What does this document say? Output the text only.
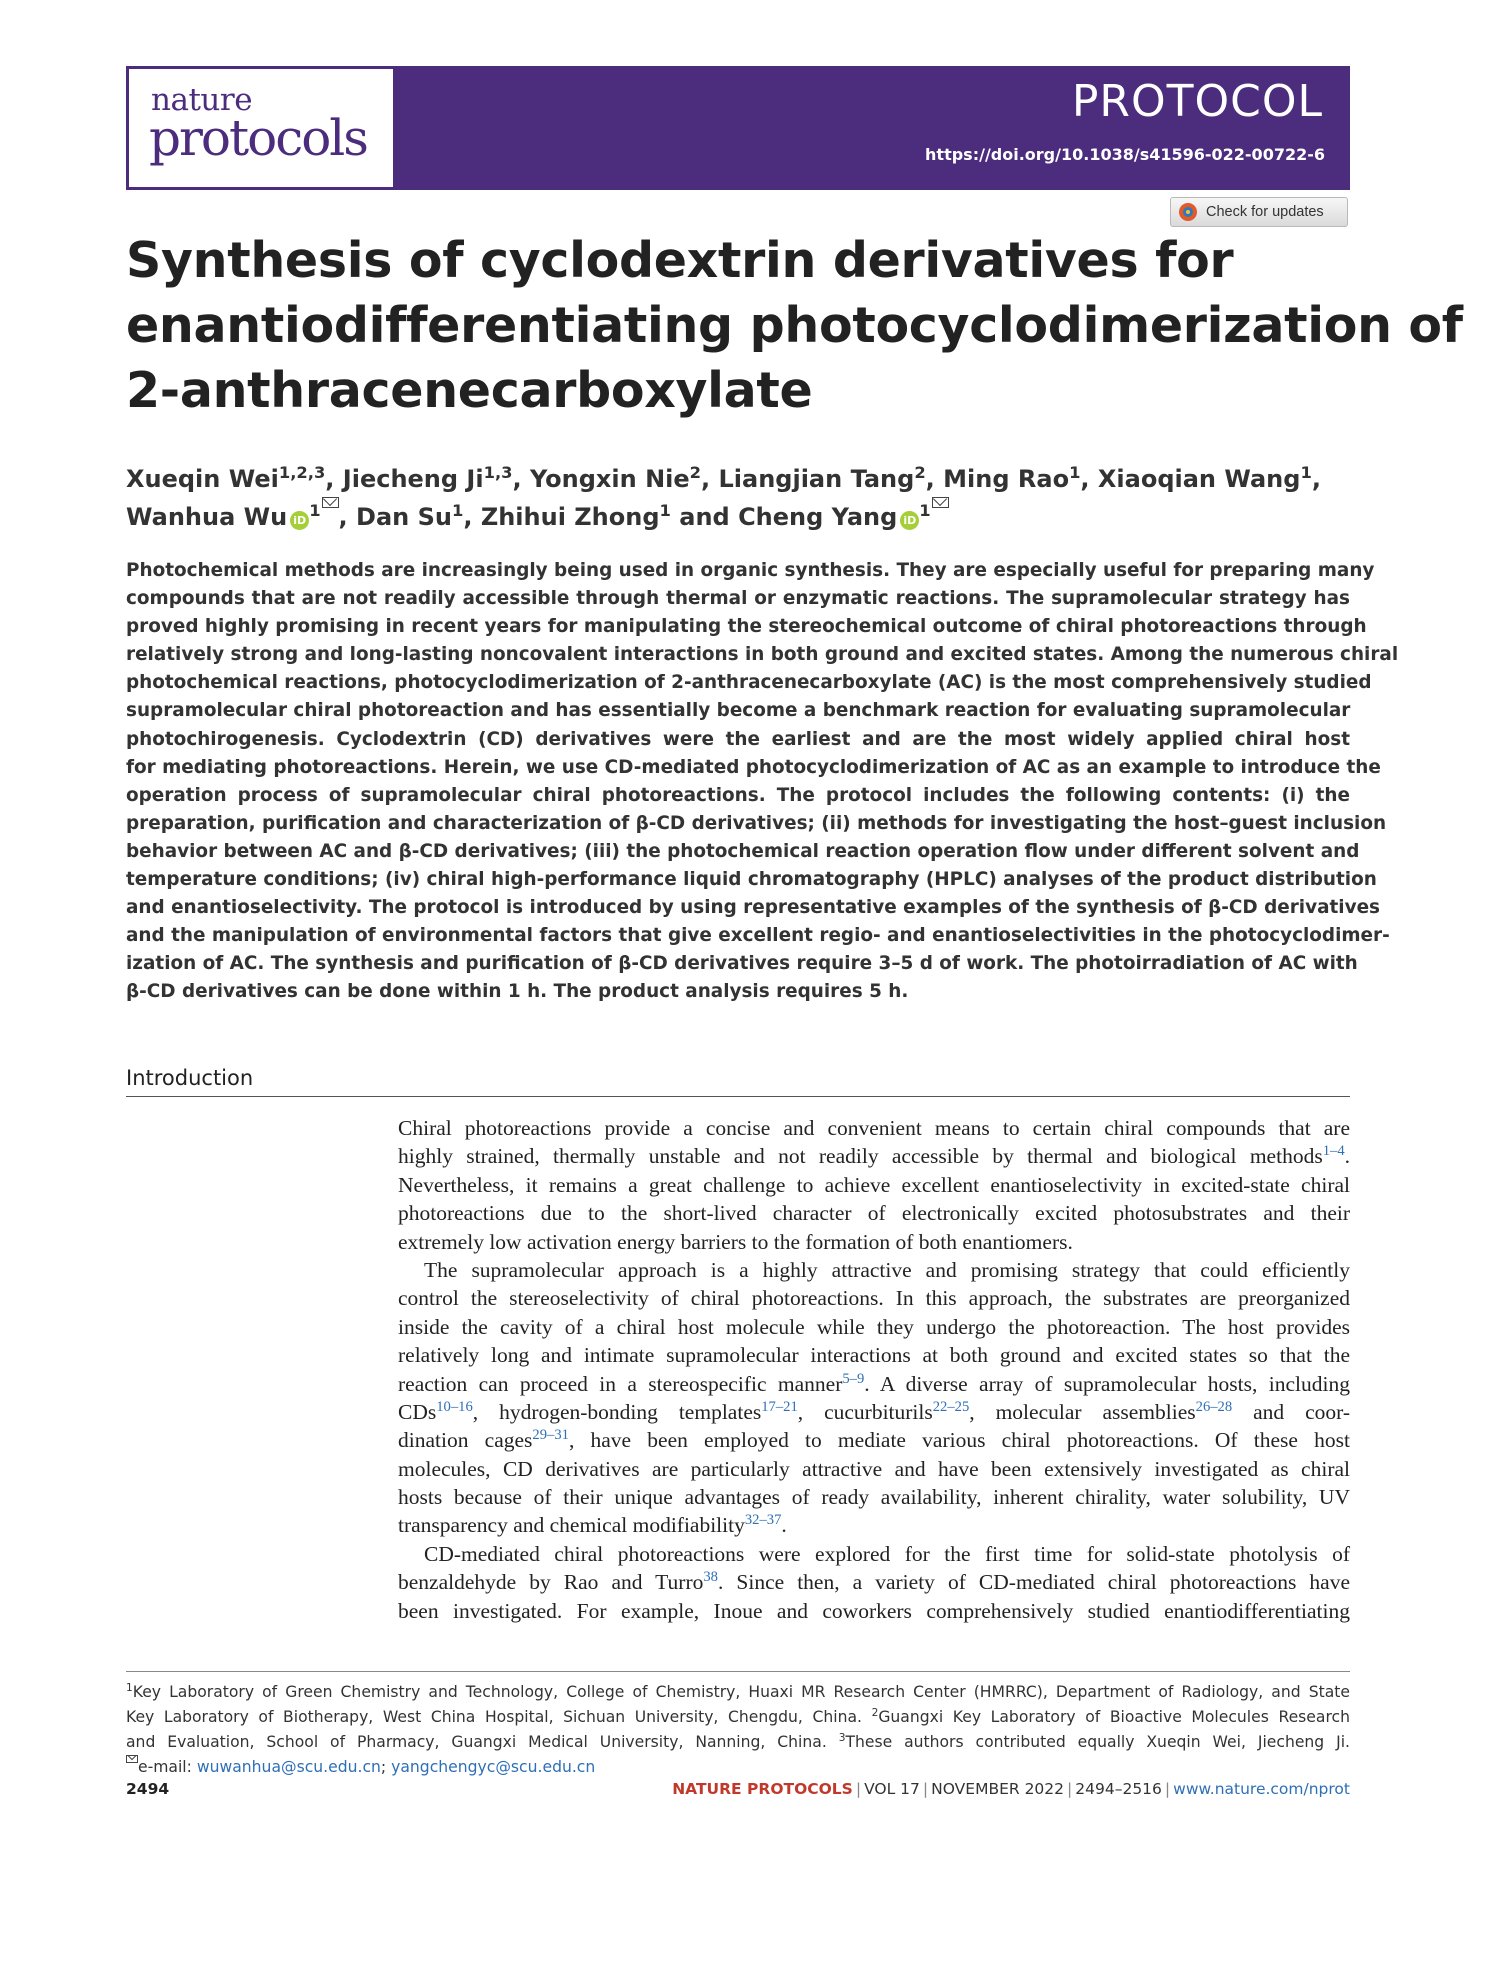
nature
protocols
PROTOCOL
https://doi.org/10.1038/s41596-022-00722-6
Check for updates
Synthesis of cyclodextrin derivatives for
enantiodifferentiating photocyclodimerization of
2-anthracenecarboxylate
Xueqin Wei$^{1,2,3}$, Jiecheng Ji$^{1,3}$, Yongxin Nie$^2$, Liangjian Tang$^2$, Ming Rao$^1$, Xiaoqian Wang$^1$,
Wanhua Wu $iD^1$ , Dan Su$^1$, Zhihui Zhong$^1$ and Cheng Yang $iD^1$
Photochemical methods are increasingly being used in organic synthesis. They are especially useful for preparing many
compounds that are not readily accessible through thermal or enzymatic reactions. The supramolecular strategy has
proved highly promising in recent years for manipulating the stereochemical outcome of chiral photoreactions through
relatively strong and long-lasting noncovalent interactions in both ground and excited states. Among the numerous chiral
photochemical reactions, photocyclodimerization of 2-anthracenecarboxylate (AC) is the most comprehensively studied
supramolecular chiral photoreaction and has essentially become a benchmark reaction for evaluating supramolecular
photochirogenesis. Cyclodextrin (CD) derivatives were the earliest and are the most widely applied chiral host
for mediating photoreactions. Herein, we use CD-mediated photocyclodimerization of AC as an example to introduce the
operation process of supramolecular chiral photoreactions. The protocol includes the following contents: (i) the
preparation, purification and characterization of β-CD derivatives; (ii) methods for investigating the host–guest inclusion
behavior between AC and β-CD derivatives; (iii) the photochemical reaction operation flow under different solvent and
temperature conditions; (iv) chiral high-performance liquid chromatography (HPLC) analyses of the product distribution
and enantioselectivity. The protocol is introduced by using representative examples of the synthesis of β-CD derivatives
and the manipulation of environmental factors that give excellent regio- and enantioselectivities in the photocyclodimer-
ization of AC. The synthesis and purification of β-CD derivatives require 3–5 d of work. The photoirradiation of AC with
β-CD derivatives can be done within 1 h. The product analysis requires 5 h.
Introduction
Chiral photoreactions provide a concise and convenient means to certain chiral compounds that are
highly strained, thermally unstable and not readily accessible by thermal and biological methods$^{1-4}$.
Nevertheless, it remains a great challenge to achieve excellent enantioselectivity in excited-state chiral
photoreactions due to the short-lived character of electronically excited photosubstrates and their
extremely low activation energy barriers to the formation of both enantiomers.
The supramolecular approach is a highly attractive and promising strategy that could efficiently
control the stereoselectivity of chiral photoreactions. In this approach, the substrates are preorganized
inside the cavity of a chiral host molecule while they undergo the photoreaction. The host provides
relatively long and intimate supramolecular interactions at both ground and excited states so that the
reaction can proceed in a stereospecific manner$^{5-9}$. A diverse array of supramolecular hosts, including
CDs$^{10-16}$, hydrogen-bonding templates$^{17-21}$, cucurbiturils$^{22-25}$, molecular assemblies$^{26-28}$ and coor-
dination cages$^{29-31}$, have been employed to mediate various chiral photoreactions. Of these host
molecules, CD derivatives are particularly attractive and have been extensively investigated as chiral
hosts because of their unique advantages of ready availability, inherent chirality, water solubility, UV
transparency and chemical modifiability$^{32-37}$.
CD-mediated chiral photoreactions were explored for the first time for solid-state photolysis of
benzaldehyde by Rao and Turro$^{38}$. Since then, a variety of CD-mediated chiral photoreactions have
been investigated. For example, Inoue and coworkers comprehensively studied enantiodifferentiating
$^1$Key Laboratory of Green Chemistry and Technology, College of Chemistry, Huaxi MR Research Center (HMRRC), Department of Radiology, and State
Key Laboratory of Biotherapy, West China Hospital, Sichuan University, Chengdu, China. $^2$Guangxi Key Laboratory of Bioactive Molecules Research
and Evaluation, School of Pharmacy, Guangxi Medical University, Nanning, China. $^3$These authors contributed equally Xueqin Wei, Jiecheng Ji.
e-mail: wuwanhua@scu.edu.cn; yangchengyc@scu.edu.cn
2494	NATURE PROTOCOLS | VOL 17 | NOVEMBER 2022 | 2494–2516 | www.nature.com/nprot
